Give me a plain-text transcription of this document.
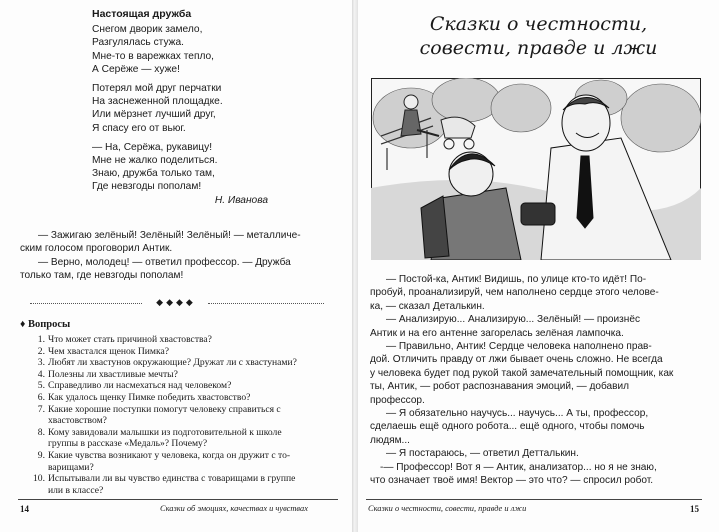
Настоящая дружба
Снегом дворик замело,
Разгулялась стужа.
Мне-то в варежках тепло,
А Серёже — хуже!
Потерял мой друг перчатки
На заснеженной площадке.
Или мёрзнет лучший друг,
Я спасу его от вьюг.
— На, Серёжа, рукавицу!
Мне не жалко поделиться.
Знаю, дружба только там,
Где невзгоды пополам!
Н. Иванова
— Зажигаю зелёный! Зелёный! Зелёный! — металличе-
ским голосом проговорил Антик.
— Верно, молодец! — ответил профессор. — Дружба
только там, где невзгоды пополам!
◆◆◆◆
♦ Вопросы
1. Что может стать причиной хвастовства?
2. Чем хвастался щенок Пимка?
3. Любят ли хвастунов окружающие? Дружат ли с хвастунами?
4. Полезны ли хвастливые мечты?
5. Справедливо ли насмехаться над человеком?
6. Как удалось щенку Пимке победить хвастовство?
7. Какие хорошие поступки помогут человеку справиться с
хвастовством?
8. Кому завидовали малышки из подготовительной к школе
группы в рассказе «Медаль»? Почему?
9. Какие чувства возникают у человека, когда он дружит с то-
варищами?
10. Испытывали ли вы чувство единства с товарищами в группе
или в классе?
14	Сказки об эмоциях, качествах и чувствах
Сказки о честности,
совести, правде и лжи
— Постой-ка, Антик! Видишь, по улице кто-то идёт! По-
пробуй, проанализируй, чем наполнено сердце этого челове-
ка, — сказал Деталькин.
— Анализирую... Анализирую... Зелёный! — произнёс
Антик и на его антенне загорелась зелёная лампочка.
— Правильно, Антик! Сердце человека наполнено прав-
дой. Отличить правду от лжи бывает очень сложно. Не всегда
у человека будет под рукой такой замечательный помощник, как
ты, Антик, — робот распознавания эмоций, — добавил
профессор.
— Я обязательно научусь... научусь... А ты, профессор,
сделаешь ещё одного робота... ещё одного, чтобы помочь
людям...
— Я постараюсь, — ответил Детталькин.
-— Профессор! Вот я — Антик, анализатор... но я не знаю,
что означает твоё имя! Вектор — это что? — спросил робот.
Сказки о честности, совести, правде и лжи	15
